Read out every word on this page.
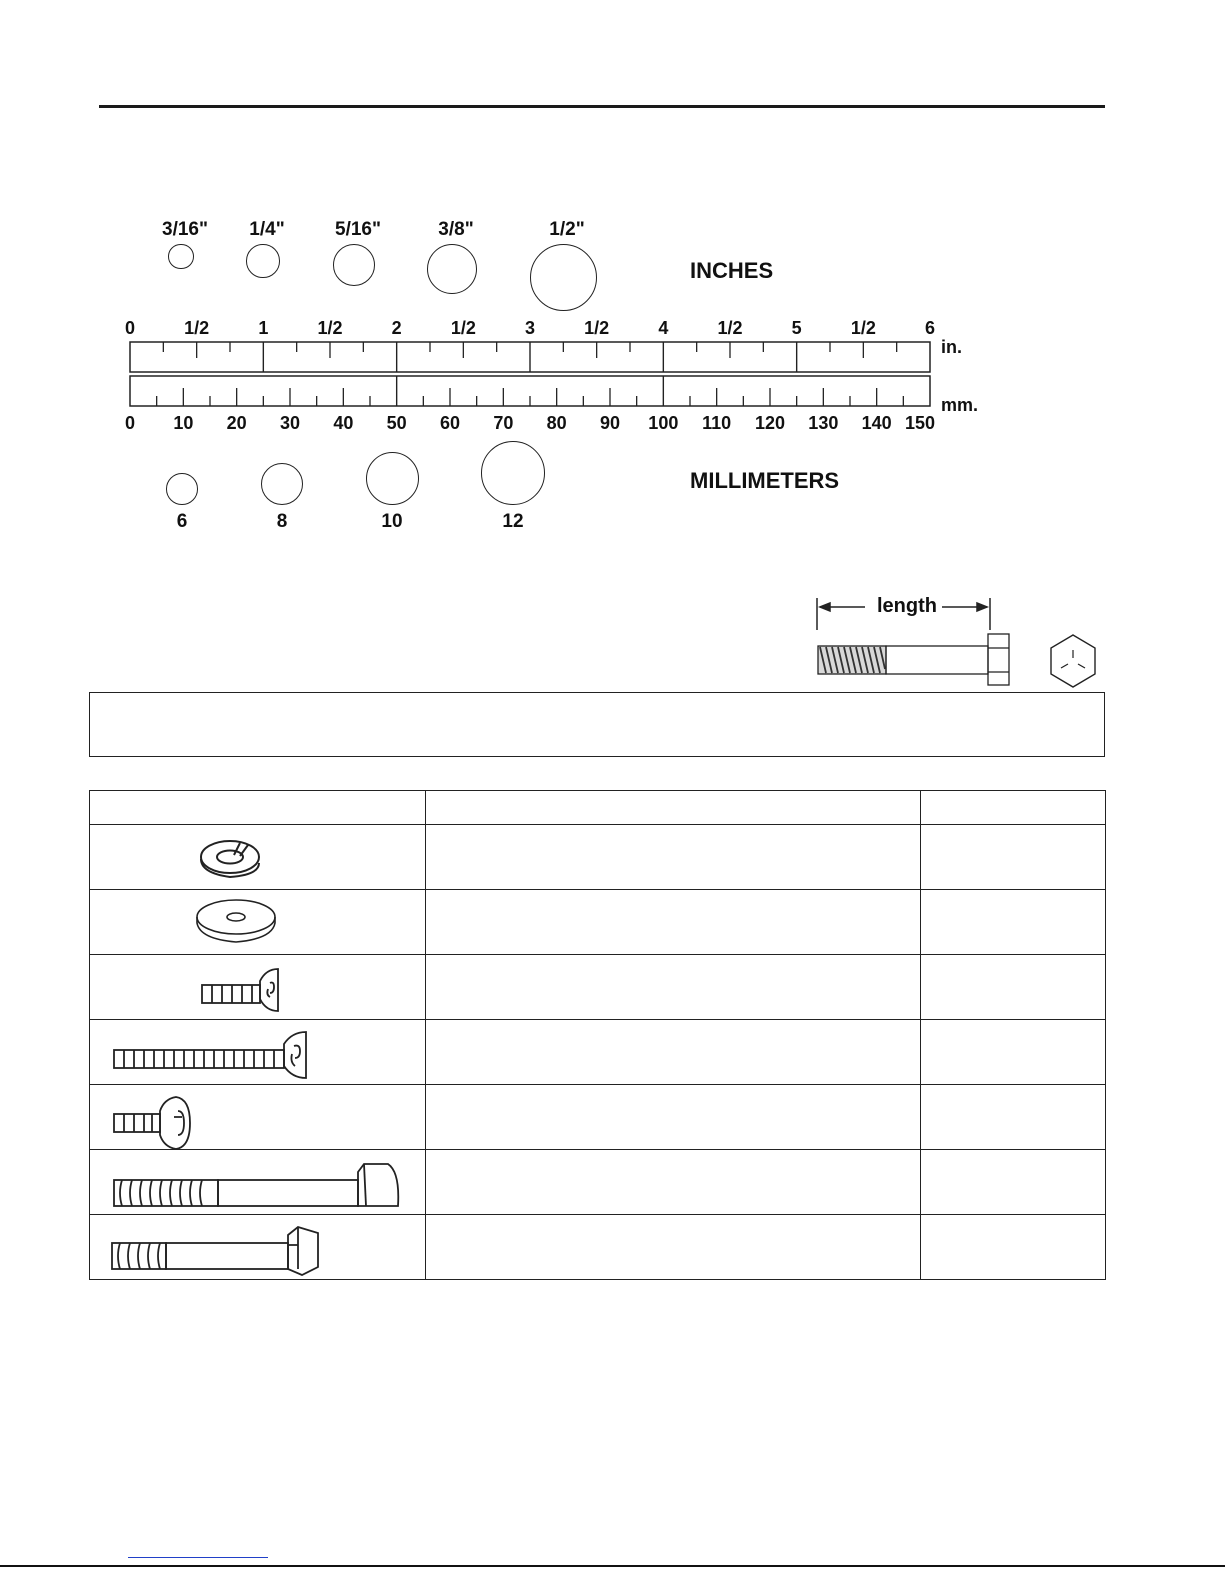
3/16" 1/4"	5/16"	3/8"	1/2"
INCHES
in.
mm.
0	1/2	1	1/2	2	1/2	3	1/2	4	1/2	5	1/2	6
0 10 20 30 40 50 60 70 80 90 100 110 120 130 140 150
6	8	10	12
MILLIMETERS
length
